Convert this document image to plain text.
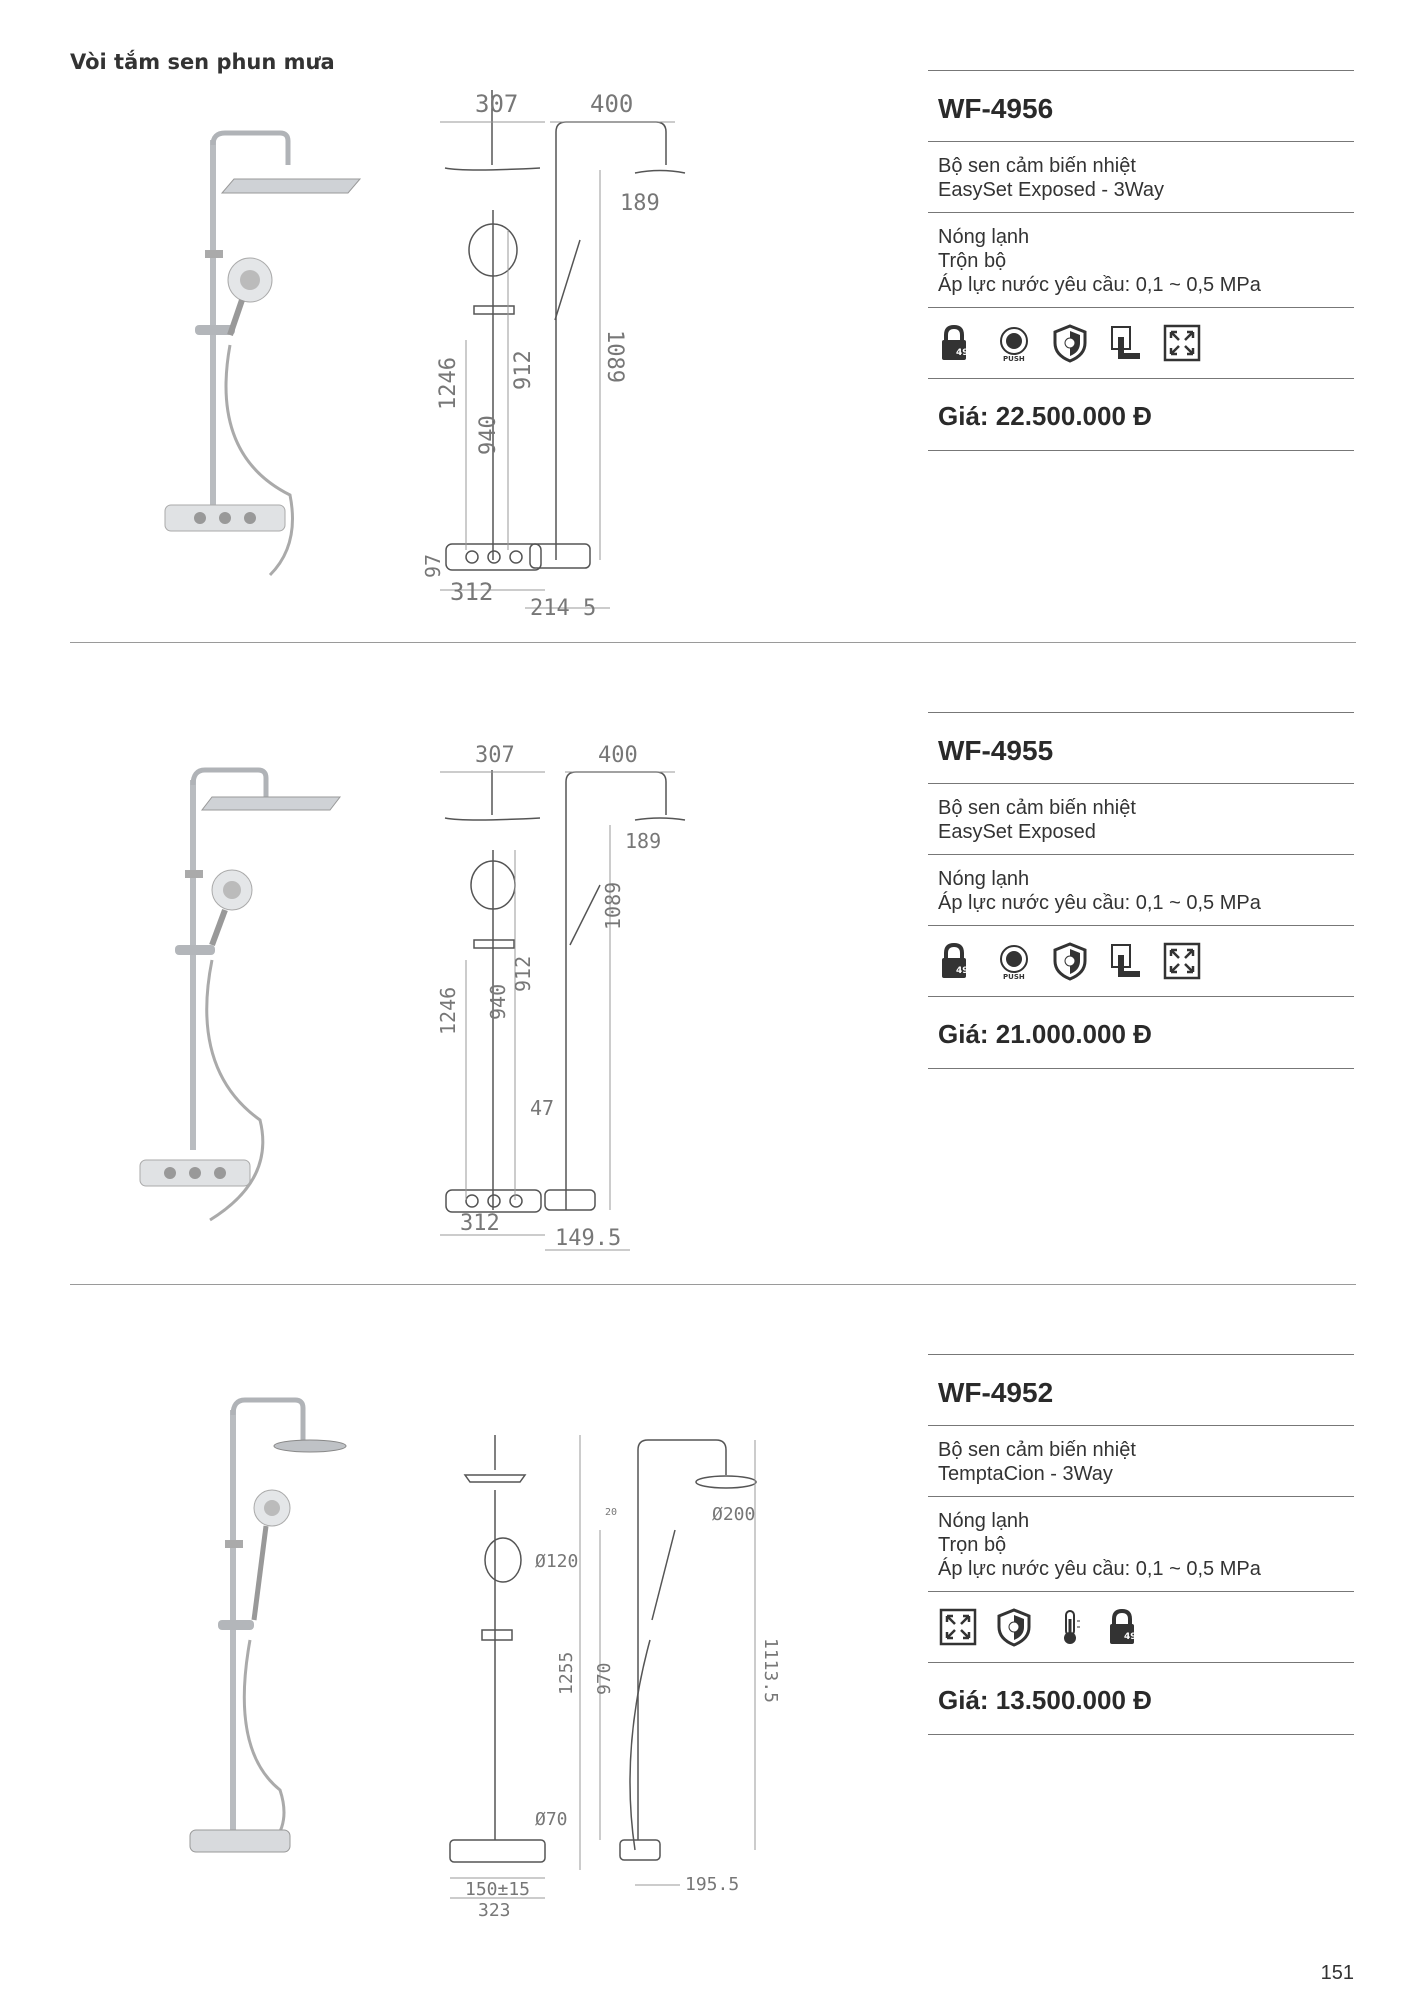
Vòi tắm sen phun mưa
307	400
189
1089
1246 912
940
97
312
214 5
WF-4956
Bộ sen cảm biến nhiệt
EasySet Exposed - 3Way
Nóng lạnh
Trộn bộ
Áp lực nước yêu cầu: 0,1 ~ 0,5 MPa
49°C
PUSH
Giá: 22.500.000 Đ
307	400
189
1089
1246
912
940
47
312
149.5
WF-4955
Bộ sen cảm biến nhiệt
EasySet Exposed
Nóng lạnh
Áp lực nước yêu cầu: 0,1 ~ 0,5 MPa
49°C
PUSH
Giá: 21.000.000 Đ
Ø200
Ø120
1255 970	1113.5
Ø70
150±15
323
195.5
20
WF-4952
Bộ sen cảm biến nhiệt
TemptaCion - 3Way
Nóng lạnh
Trọn bộ
Áp lực nước yêu cầu: 0,1 ~ 0,5 MPa
49°C
Giá: 13.500.000 Đ
151
